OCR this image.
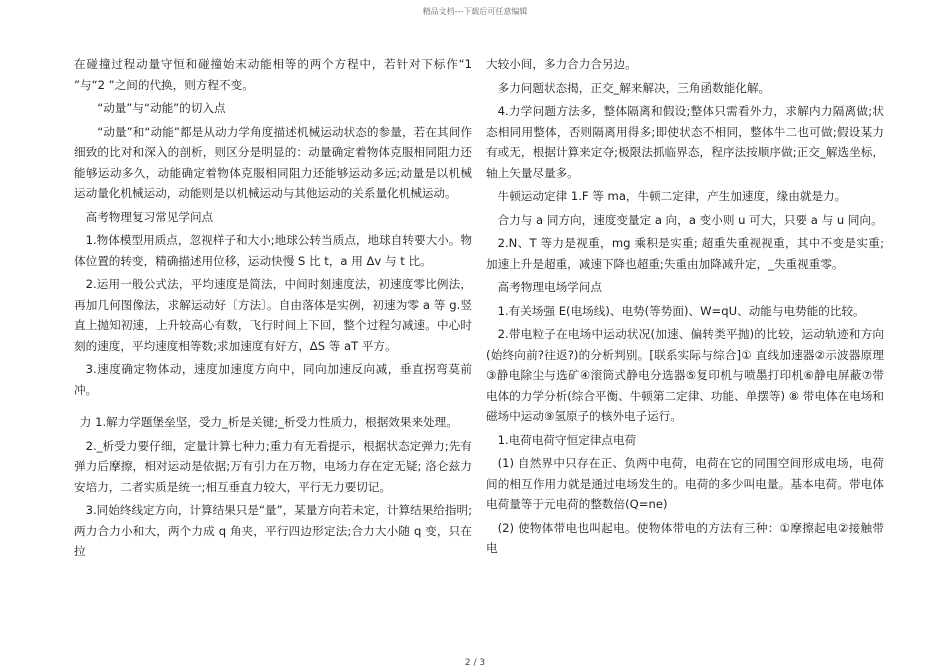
精品文档---下载后可任意编辑

在碰撞过程动量守恒和碰撞始末动能相等的两个方程中，若针对下标作“1 ”与“2 ”之间的代换，则方程不变。

“动量”与“动能”的切入点

“动量”和“动能”都是从动力学角度描述机械运动状态的参量，若在其间作细致的比对和深入的剖析，则区分是明显的：动量确定着物体克服相同阻力还能够运动多久，动能确定着物体克服相同阻力还能够运动多远;动量是以机械运动量化机械运动，动能则是以机械运动与其他运动的关系量化机械运动。

高考物理复习常见学问点

1.物体模型用质点，忽视样子和大小;地球公转当质点，地球自转要大小。物体位置的转变，精确描述用位移，运动快慢 S 比 t，a 用 Δv 与 t 比。

2.运用一般公式法，平均速度是简法，中间时刻速度法，初速度零比例法，再加几何图像法，求解运动好〔方法〕。自由落体是实例，初速为零 a 等 g.竖直上抛知初速，上升较高心有数，飞行时间上下回，整个过程匀减速。中心时刻的速度，平均速度相等数;求加速度有好方，ΔS 等 aT 平方。

3.速度确定物体动，速度加速度方向中，同向加速反向减，垂直拐弯莫前冲。

力 1.解力学题堡垒坚，受力_析是关键;_析受力性质力，根据效果来处理。

2._析受力要仔细，定量计算七种力;重力有无看提示，根据状态定弹力;先有弹力后摩擦，相对运动是依据;万有引力在万物，电场力存在定无疑; 洛仑兹力安培力，二者实质是统一;相互垂直力较大，平行无力要切记。

3.同始终线定方向，计算结果只是“量”，某量方向若未定，计算结果给指明;两力合力小和大，两个力成 q 角夹，平行四边形定法;合力大小随 q 变，只在拉

大较小间，多力合力合另边。

多力问题状态揭，正交_解来解决，三角函数能化解。

4.力学问题方法多，整体隔离和假设;整体只需看外力，求解内力隔离做;状态相同用整体，否则隔离用得多;即使状态不相同，整体牛二也可做;假设某力有或无，根据计算来定夺;极限法抓临界态，程序法按顺序做;正交_解选坐标，轴上矢量尽量多。

牛顿运动定律 1.F 等 ma，牛顿二定律，产生加速度，缘由就是力。

合力与 a 同方向，速度变量定 a 向，a 变小则 u 可大，只要 a 与 u 同向。

2.N、T 等力是视重，mg 乘积是实重; 超重失重视视重，其中不变是实重;加速上升是超重，减速下降也超重;失重由加降减升定，_失重视重零。

高考物理电场学问点

1.有关场强 E(电场线)、电势(等势面)、W=qU、动能与电势能的比较。

2.带电粒子在电场中运动状况(加速、偏转类平抛)的比较，运动轨迹和方向(始终向前?往返?)的分析判别。[联系实际与综合]① 直线加速器②示波器原理③静电除尘与选矿④滚筒式静电分选器⑤复印机与喷墨打印机⑥静电屏蔽⑦带电体的力学分析(综合平衡、牛顿第二定律、功能、单摆等) ⑧ 带电体在电场和磁场中运动⑨氢原子的核外电子运行。

1.电荷电荷守恒定律点电荷

(1) 自然界中只存在正、负两中电荷，电荷在它的同围空间形成电场，电荷间的相互作用力就是通过电场发生的。电荷的多少叫电量。基本电荷。带电体电荷量等于元电荷的整数倍(Q=ne)

(2) 使物体带电也叫起电。使物体带电的方法有三种：①摩擦起电②接触带电

2 / 3
